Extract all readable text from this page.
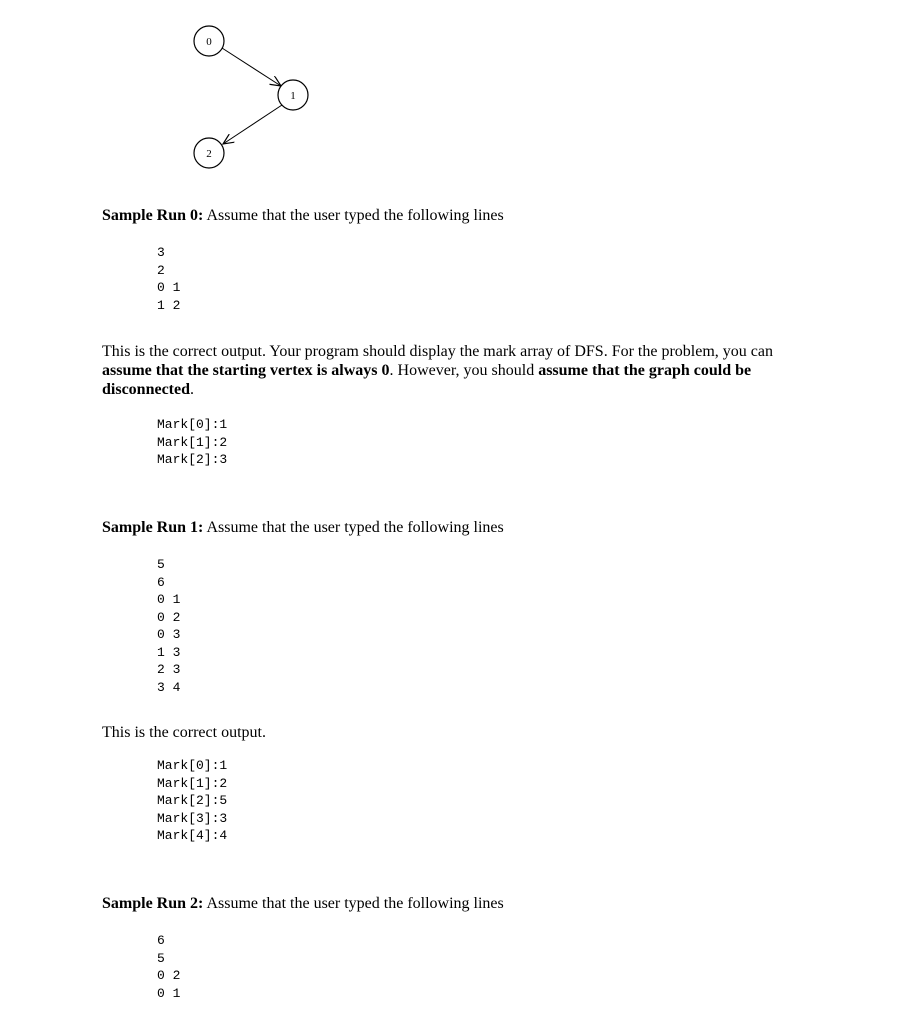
0
1
2

Sample Run 0: Assume that the user typed the following lines

3
2
0 1
1 2

This is the correct output. Your program should display the mark array of DFS. For the problem, you can assume that the starting vertex is always 0. However, you should assume that the graph could be disconnected.

Mark[0]:1
Mark[1]:2
Mark[2]:3

Sample Run 1: Assume that the user typed the following lines

5
6
0 1
0 2
0 3
1 3
2 3
3 4

This is the correct output.

Mark[0]:1
Mark[1]:2
Mark[2]:5
Mark[3]:3
Mark[4]:4

Sample Run 2: Assume that the user typed the following lines

6
5
0 2
0 1
